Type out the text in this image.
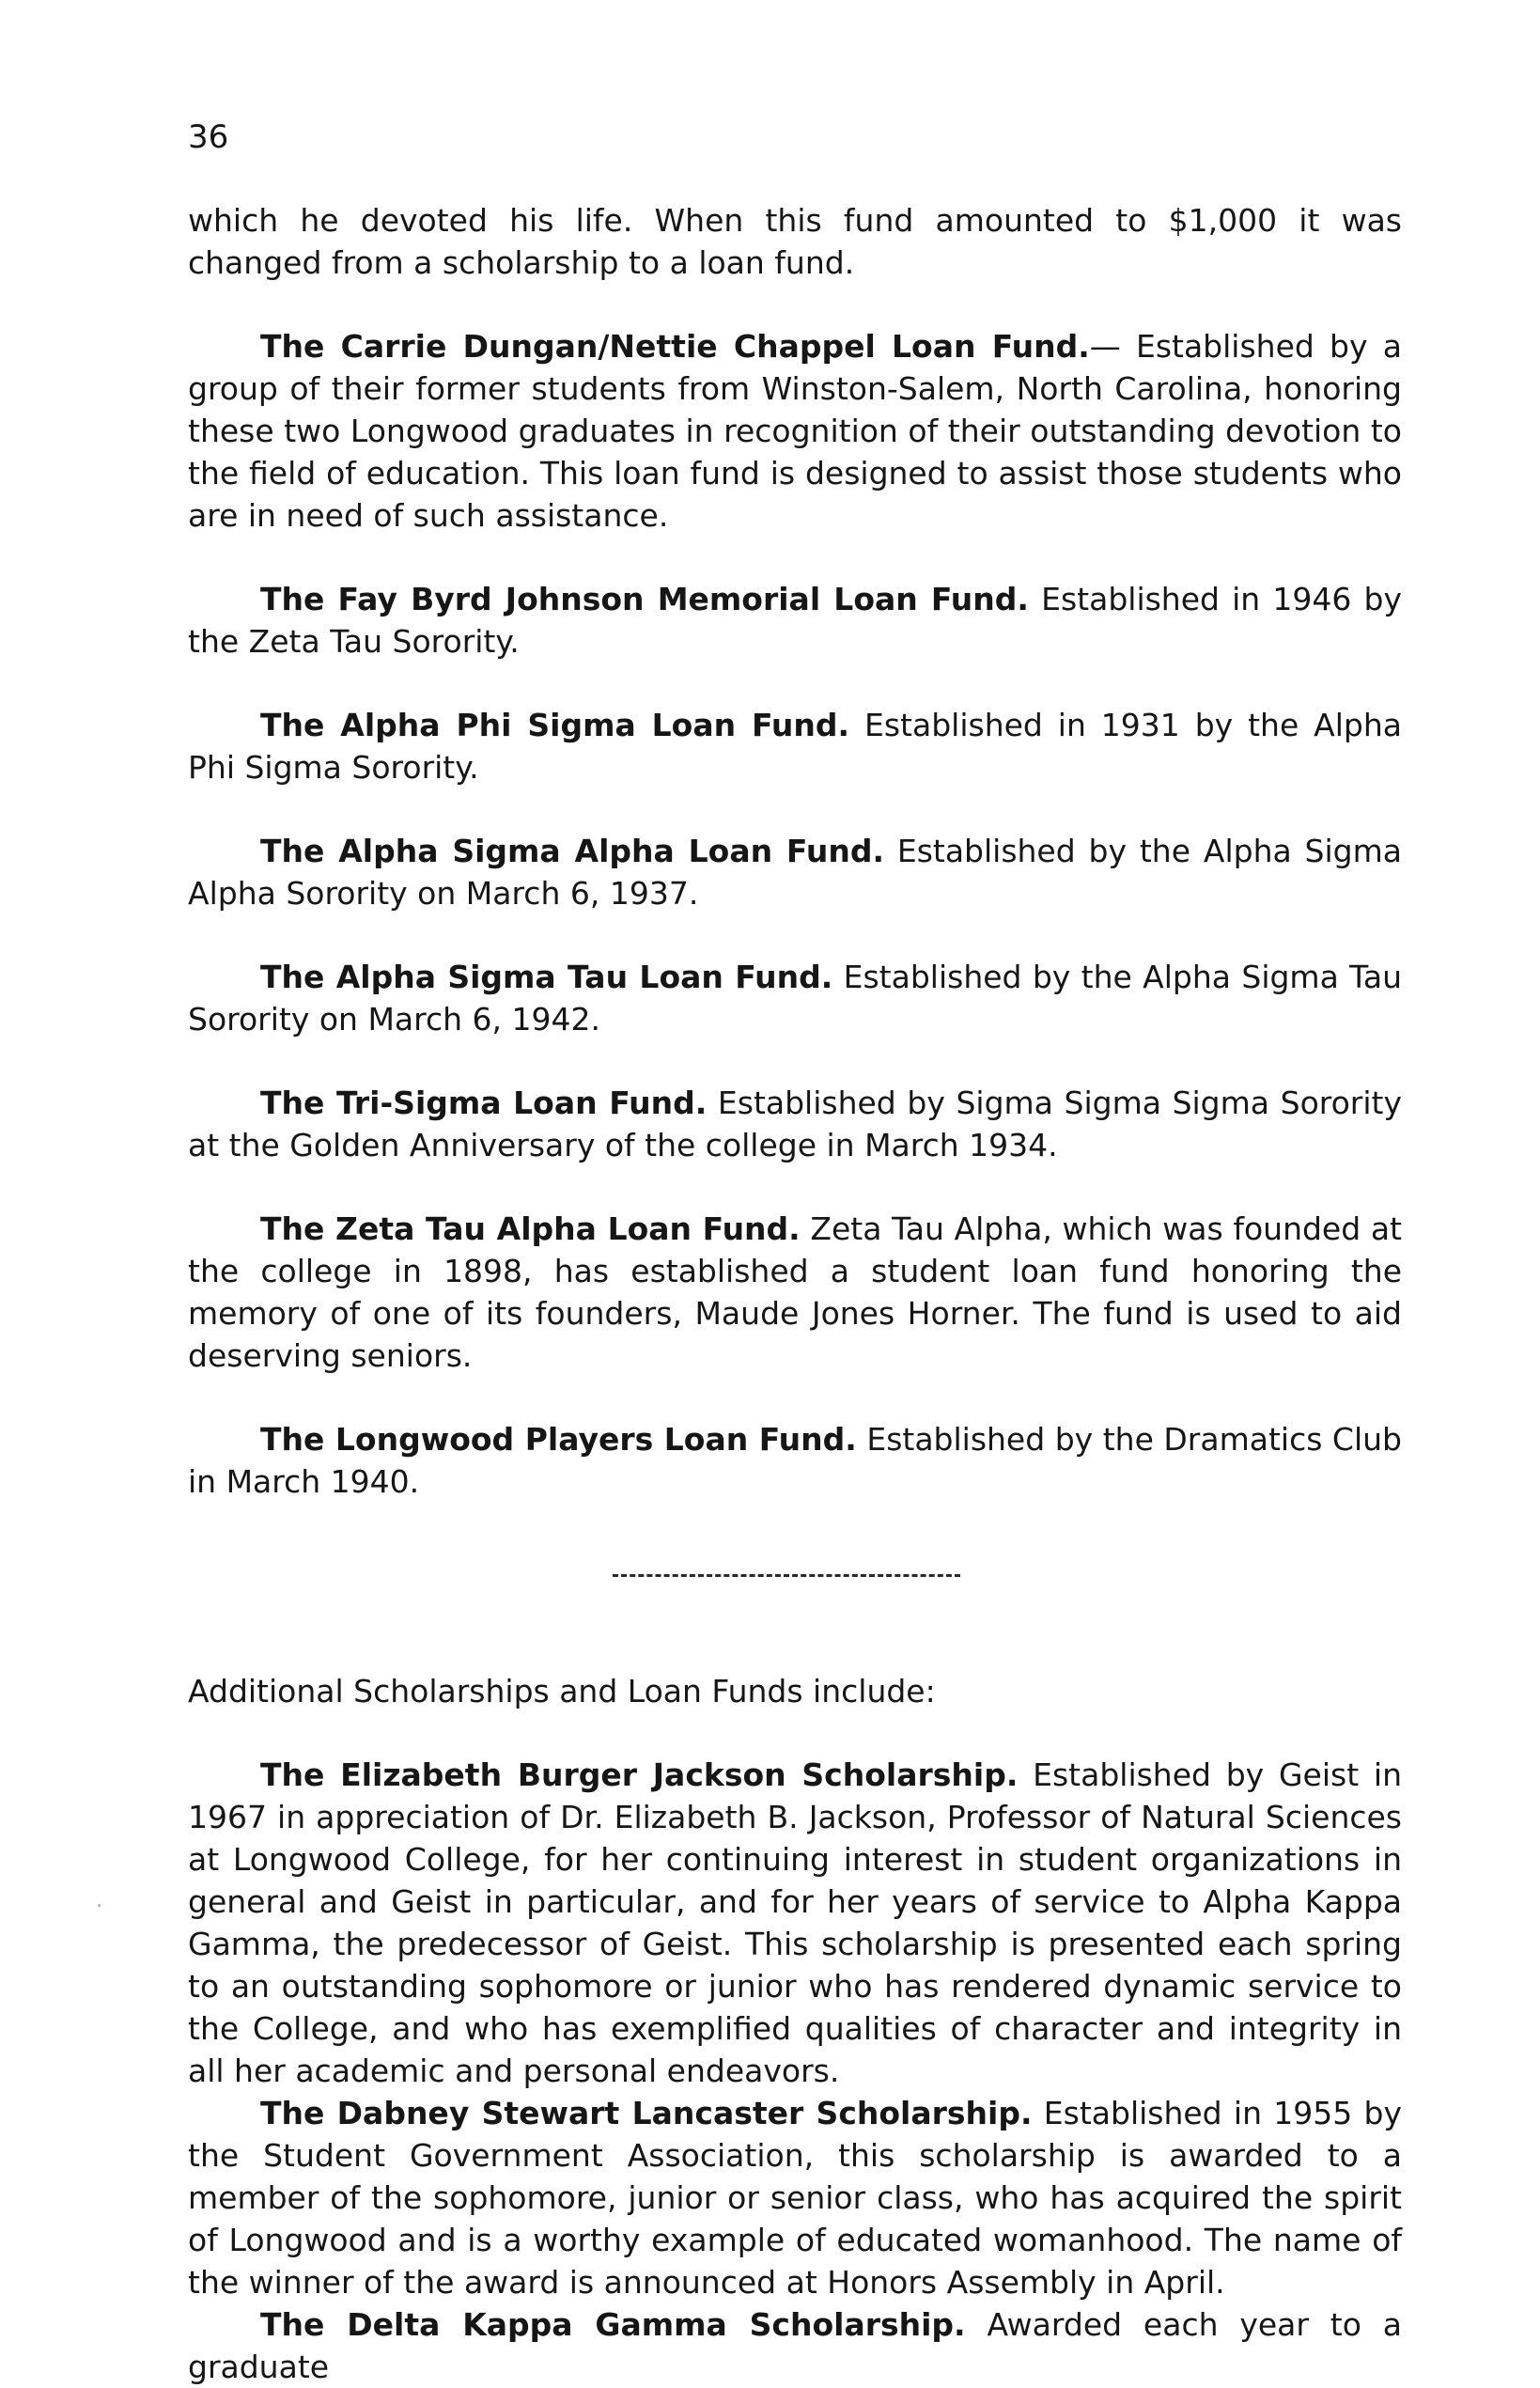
36

which he devoted his life. When this fund amounted to $1,000 it was changed from a scholarship to a loan fund.

The Carrie Dungan/Nettie Chappel Loan Fund.— Established by a group of their former students from Winston-Salem, North Carolina, honoring these two Longwood graduates in recognition of their outstanding devotion to the field of education. This loan fund is designed to assist those students who are in need of such assistance.

The Fay Byrd Johnson Memorial Loan Fund. Established in 1946 by the Zeta Tau Sorority.

The Alpha Phi Sigma Loan Fund. Established in 1931 by the Alpha Phi Sigma Sorority.

The Alpha Sigma Alpha Loan Fund. Established by the Alpha Sigma Alpha Sorority on March 6, 1937.

The Alpha Sigma Tau Loan Fund. Established by the Alpha Sigma Tau Sorority on March 6, 1942.

The Tri-Sigma Loan Fund. Established by Sigma Sigma Sigma Sorority at the Golden Anniversary of the college in March 1934.

The Zeta Tau Alpha Loan Fund. Zeta Tau Alpha, which was founded at the college in 1898, has established a student loan fund honoring the memory of one of its founders, Maude Jones Horner. The fund is used to aid deserving seniors.

The Longwood Players Loan Fund. Established by the Dramatics Club in March 1940.

Additional Scholarships and Loan Funds include:

The Elizabeth Burger Jackson Scholarship. Established by Geist in 1967 in appreciation of Dr. Elizabeth B. Jackson, Professor of Natural Sciences at Longwood College, for her continuing interest in student organizations in general and Geist in particular, and for her years of service to Alpha Kappa Gamma, the predecessor of Geist. This scholarship is presented each spring to an outstanding sophomore or junior who has rendered dynamic service to the College, and who has exemplified qualities of character and integrity in all her academic and personal endeavors.

The Dabney Stewart Lancaster Scholarship. Established in 1955 by the Student Government Association, this scholarship is awarded to a member of the sophomore, junior or senior class, who has acquired the spirit of Longwood and is a worthy example of educated womanhood. The name of the winner of the award is announced at Honors Assembly in April.

The Delta Kappa Gamma Scholarship. Awarded each year to a graduate
